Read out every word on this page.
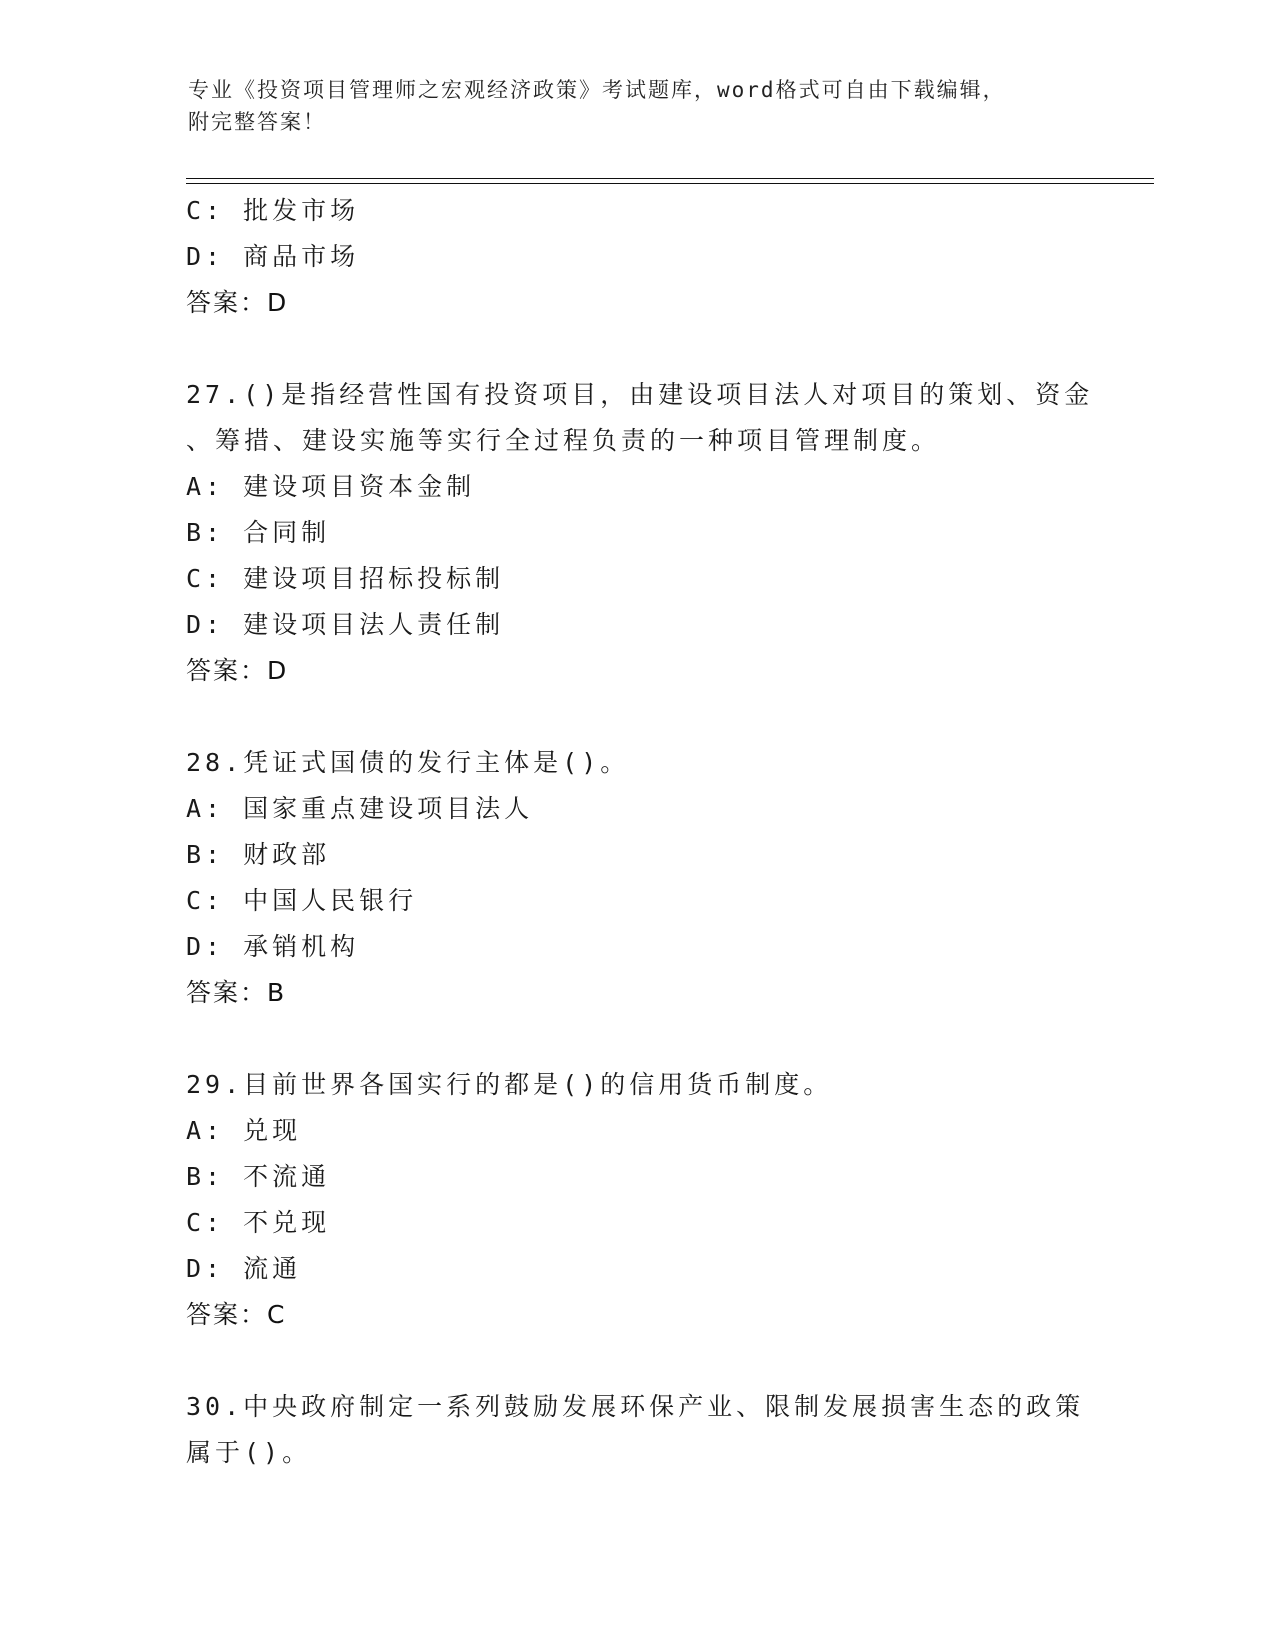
专业《投资项目管理师之宏观经济政策》考试题库，word格式可自由下载编辑，
附完整答案！
C: 批发市场
D: 商品市场
答案：D
27.()是指经营性国有投资项目，由建设项目法人对项目的策划、资金
、筹措、建设实施等实行全过程负责的一种项目管理制度。
A: 建设项目资本金制
B: 合同制
C: 建设项目招标投标制
D: 建设项目法人责任制
答案：D
28.凭证式国债的发行主体是()。
A: 国家重点建设项目法人
B: 财政部
C: 中国人民银行
D: 承销机构
答案：B
29.目前世界各国实行的都是()的信用货币制度。
A: 兑现
B: 不流通
C: 不兑现
D: 流通
答案：C
30.中央政府制定一系列鼓励发展环保产业、限制发展损害生态的政策
属于()。
